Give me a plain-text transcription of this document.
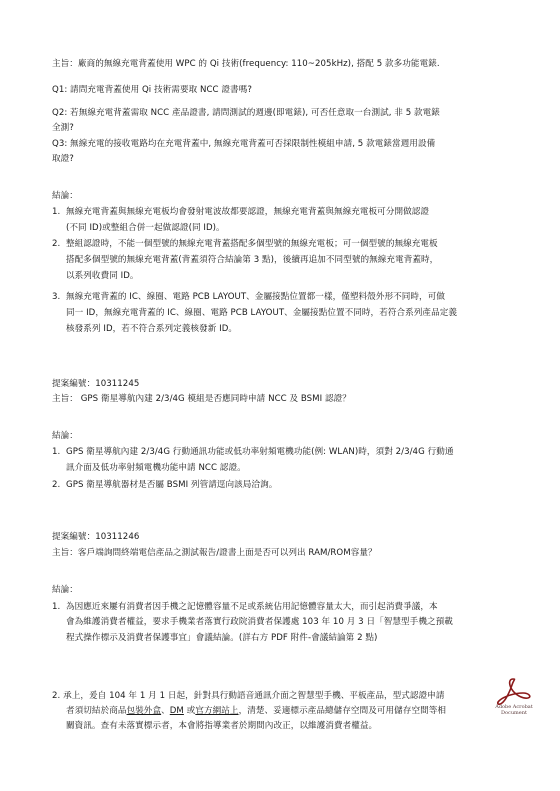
主旨：廠商的無線充電背蓋使用 WPC 的 Qi 技術(frequency: 110~205kHz), 搭配 5 款多功能電錶.
Q1: 請問充電背蓋使用 Qi 技術需要取 NCC 證書嗎?
Q2: 若無線充電背蓋需取 NCC 產品證書, 請問測試的週邊(即電錶), 可否任意取一台測試, 非 5 款電錶
全測?
Q3: 無線充電的接收電路均在充電背蓋中, 無線充電背蓋可否採限制性模組申請, 5 款電錶當週用設備
取證?
結論：
1. 無線充電背蓋與無線充電板均會發射電波故都要認證，無線充電背蓋與無線充電板可分開做認證
(不同 ID)或整組合併一起做認證(同 ID)。
2. 整組認證時，不能一個型號的無線充電背蓋搭配多個型號的無線充電板；可一個型號的無線充電板
搭配多個型號的無線充電背蓋(背蓋須符合結論第 3 點)，後續再追加不同型號的無線充電背蓋時，
以系列收費同 ID。
3. 無線充電背蓋的 IC、線圈、電路 PCB LAYOUT、金屬接點位置都一樣，僅塑料殼外形不同時，可做
同一 ID，無線充電背蓋的 IC、線圈、電路 PCB LAYOUT、金屬接點位置不同時，若符合系列產品定義
核發系列 ID，若不符合系列定義核發新 ID。
提案編號：10311245
主旨： GPS 衛星導航內建 2/3/4G 模組是否應同時申請 NCC 及 BSMI 認證？
結論：
1. GPS 衛星導航內建 2/3/4G 行動通訊功能或低功率射頻電機功能(例: WLAN)時，須對 2/3/4G 行動通
訊介面及低功率射頻電機功能申請 NCC 認證。
2. GPS 衛星導航器材是否屬 BSMI 列管請逕向該局洽詢。
提案編號：10311246
主旨：客戶端詢問終端電信產品之測試報告/證書上面是否可以列出 RAM/ROM容量？
結論：
1. 為因應近來屢有消費者因手機之記憶體容量不足或系統佔用記憶體容量太大，而引起消費爭議，本
會為維護消費者權益，要求手機業者落實行政院消費者保護處 103 年 10 月 3 日「智慧型手機之預載
程式操作標示及消費者保護事宜」會議結論。(詳右方 PDF 附件-會議結論第 2 點)
Adobe Acrobat
Document
2. 承上，爰自 104 年 1 月 1 日起，針對具行動語音通訊介面之智慧型手機、平板產品，型式認證申請
者須切結於商品包裝外盒、DM 或官方網站上，清楚、妥適標示產品總儲存空間及可用儲存空間等相
關資訊。查有未落實標示者，本會將指導業者於期間內改正，以維護消費者權益。
